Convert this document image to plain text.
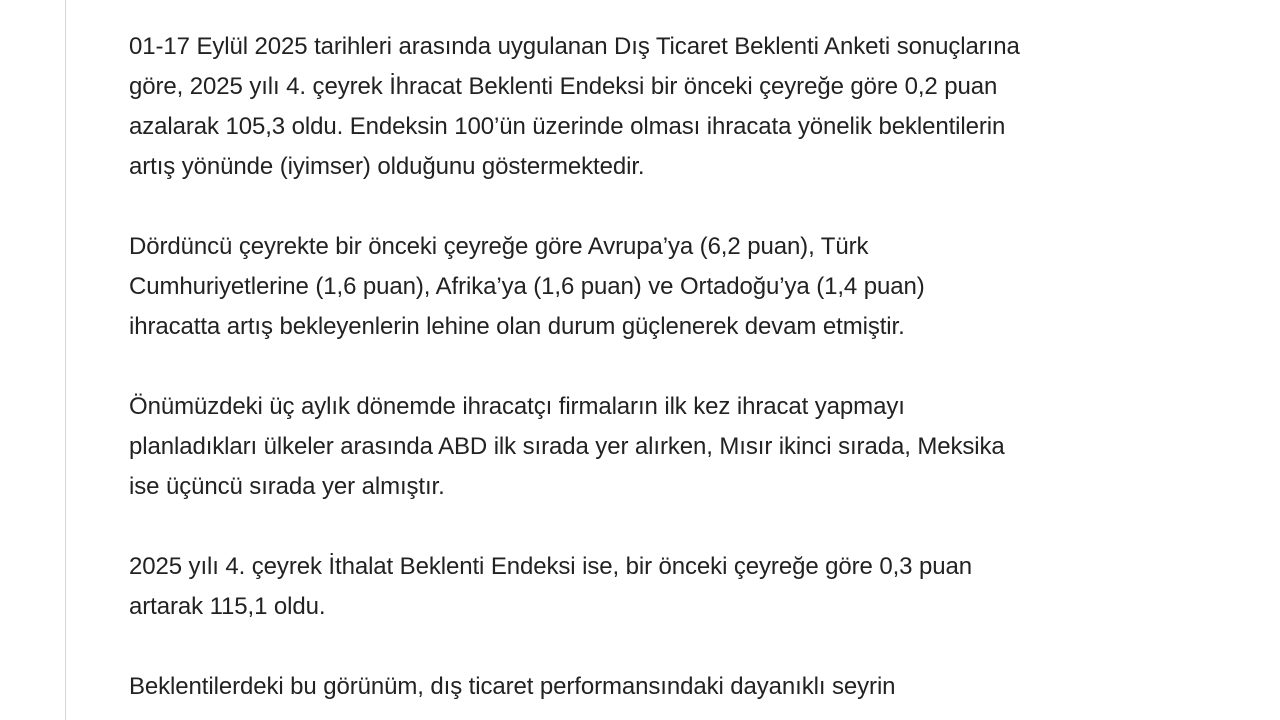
01-17 Eylül 2025 tarihleri arasında uygulanan Dış Ticaret Beklenti Anketi sonuçlarına
göre, 2025 yılı 4. çeyrek İhracat Beklenti Endeksi bir önceki çeyreğe göre 0,2 puan
azalarak 105,3 oldu. Endeksin 100’ün üzerinde olması ihracata yönelik beklentilerin
artış yönünde (iyimser) olduğunu göstermektedir.

Dördüncü çeyrekte bir önceki çeyreğe göre Avrupa’ya (6,2 puan), Türk
Cumhuriyetlerine (1,6 puan), Afrika’ya (1,6 puan) ve Ortadoğu’ya (1,4 puan)
ihracatta artış bekleyenlerin lehine olan durum güçlenerek devam etmiştir.

Önümüzdeki üç aylık dönemde ihracatçı firmaların ilk kez ihracat yapmayı
planladıkları ülkeler arasında ABD ilk sırada yer alırken, Mısır ikinci sırada, Meksika
ise üçüncü sırada yer almıştır.

2025 yılı 4. çeyrek İthalat Beklenti Endeksi ise, bir önceki çeyreğe göre 0,3 puan
artarak 115,1 oldu.

Beklentilerdeki bu görünüm, dış ticaret performansındaki dayanıklı seyrin
